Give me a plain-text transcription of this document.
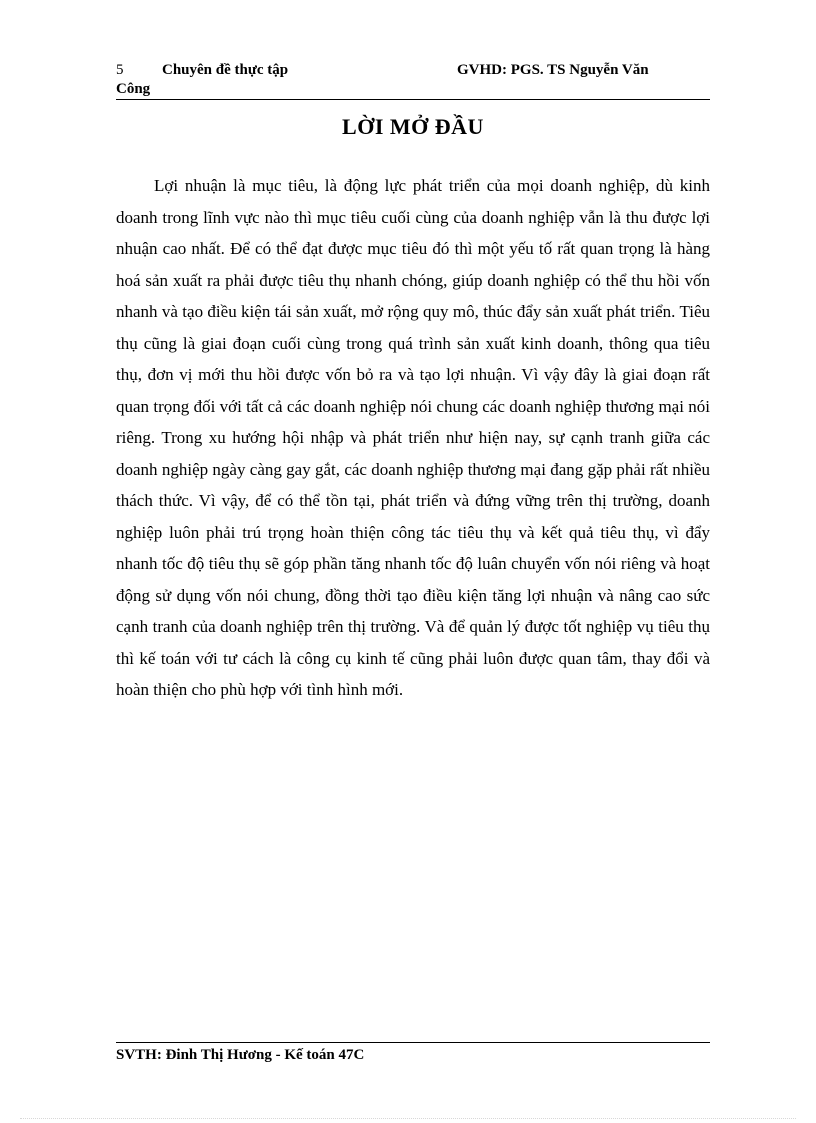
5	Chuyên đề thực tập	GVHD: PGS. TS Nguyễn Văn
Công
LỜI MỞ ĐẦU

Lợi nhuận là mục tiêu, là động lực phát triển của mọi doanh nghiệp, dù kinh doanh trong lĩnh vực nào thì mục tiêu cuối cùng của doanh nghiệp vẫn là thu được lợi nhuận cao nhất. Để có thể đạt được mục tiêu đó thì một yếu tố rất quan trọng là hàng hoá sản xuất ra phải được tiêu thụ nhanh chóng, giúp doanh nghiệp có thể thu hồi vốn nhanh và tạo điều kiện tái sản xuất, mở rộng quy mô, thúc đẩy sản xuất phát triển. Tiêu thụ cũng là giai đoạn cuối cùng trong quá trình sản xuất kinh doanh, thông qua tiêu thụ, đơn vị mới thu hồi được vốn bỏ ra và tạo lợi nhuận. Vì vậy đây là giai đoạn rất quan trọng đối với tất cả các doanh nghiệp nói chung các doanh nghiệp thương mại nói riêng. Trong xu hướng hội nhập và phát triển như hiện nay, sự cạnh tranh giữa các doanh nghiệp ngày càng gay gắt, các doanh nghiệp thương mại đang gặp phải rất nhiều thách thức. Vì vậy, để có thể tồn tại, phát triển và đứng vững trên thị trường, doanh nghiệp luôn phải trú trọng hoàn thiện công tác tiêu thụ và kết quả tiêu thụ, vì đẩy nhanh tốc độ tiêu thụ sẽ góp phần tăng nhanh tốc độ luân chuyển vốn nói riêng và hoạt động sử dụng vốn nói chung, đồng thời tạo điều kiện tăng lợi nhuận và nâng cao sức cạnh tranh của doanh nghiệp trên thị trường. Và để quản lý được tốt nghiệp vụ tiêu thụ thì kế toán với tư cách là công cụ kinh tế cũng phải luôn được quan tâm, thay đổi và hoàn thiện cho phù hợp với tình hình mới.

SVTH: Đinh Thị Hương - Kế toán 47C
